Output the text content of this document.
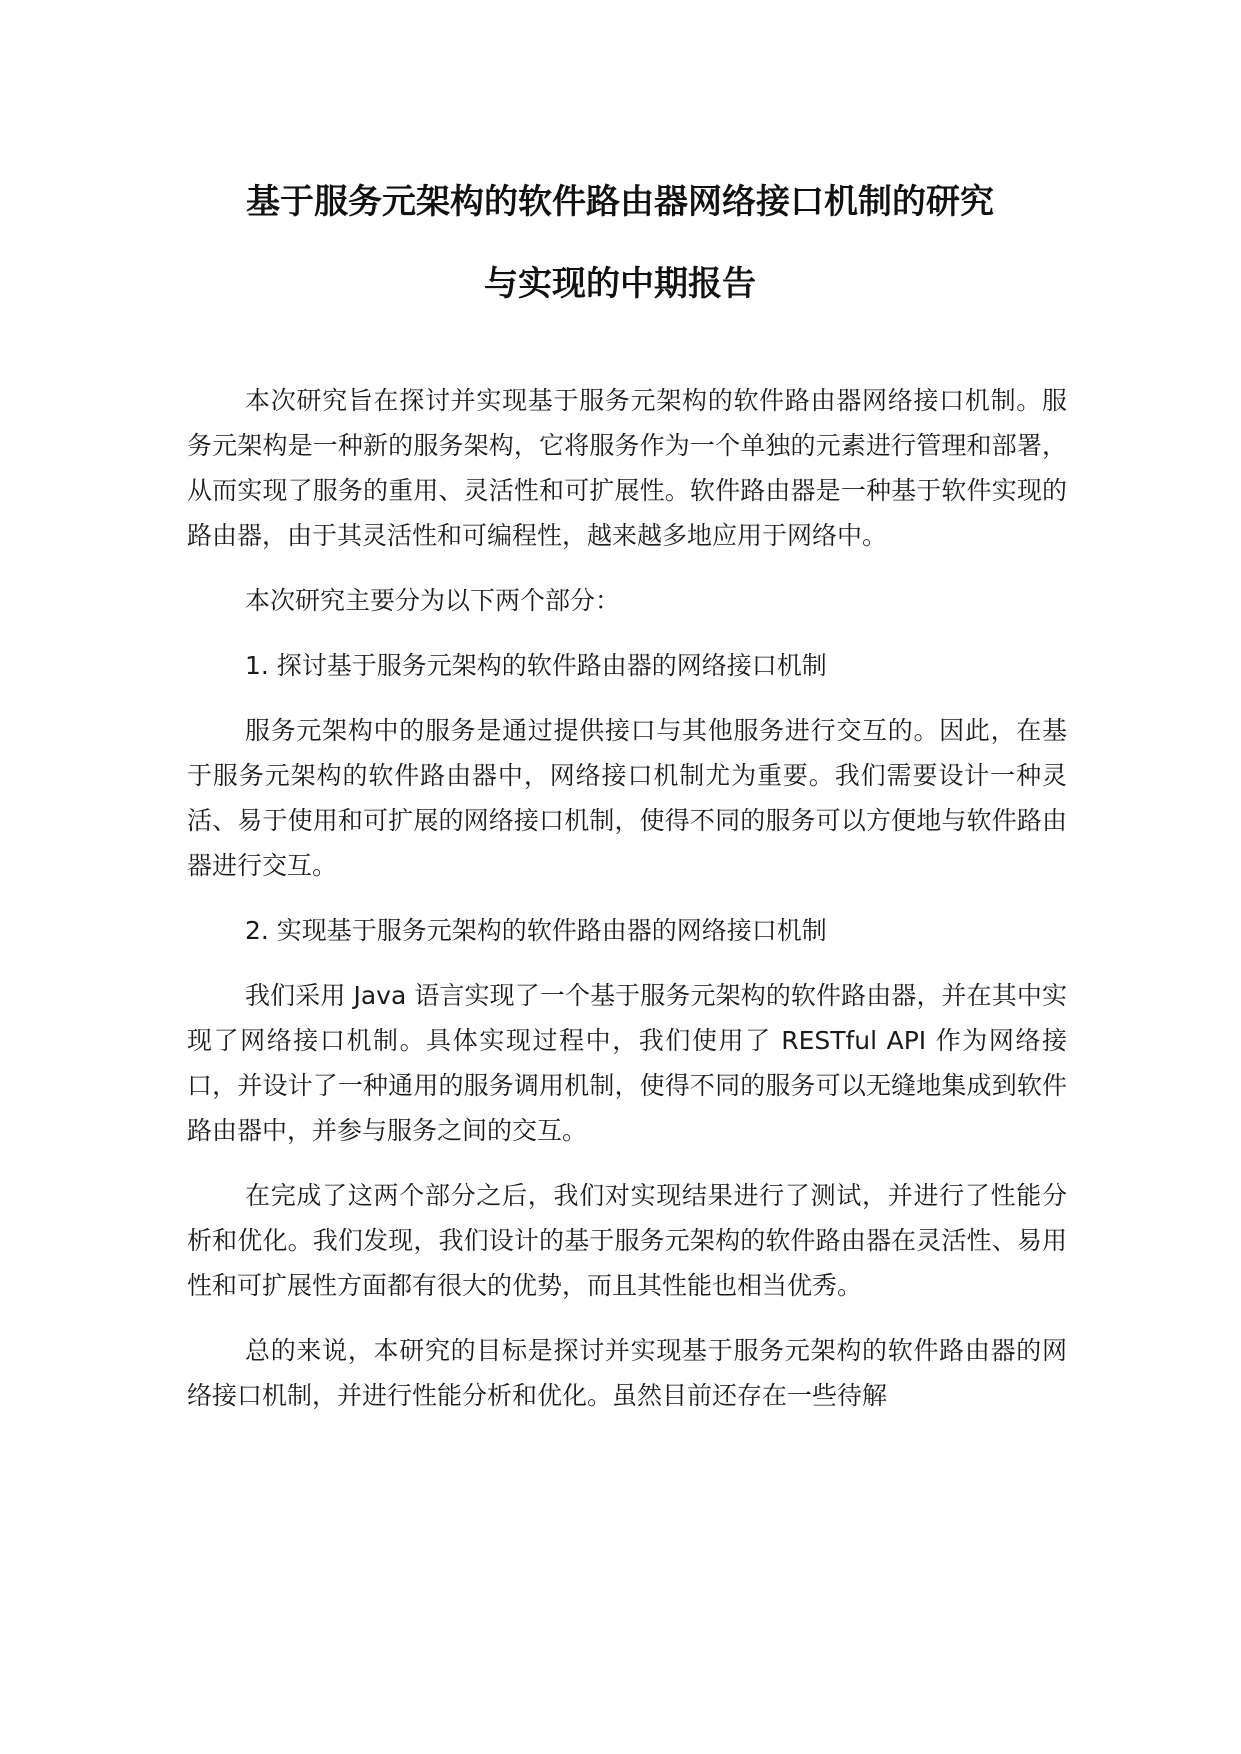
基于服务元架构的软件路由器网络接口机制的研究
与实现的中期报告

本次研究旨在探讨并实现基于服务元架构的软件路由器网络接口机制。服务元架构是一种新的服务架构，它将服务作为一个单独的元素进行管理和部署，从而实现了服务的重用、灵活性和可扩展性。软件路由器是一种基于软件实现的路由器，由于其灵活性和可编程性，越来越多地应用于网络中。

本次研究主要分为以下两个部分：

1. 探讨基于服务元架构的软件路由器的网络接口机制

服务元架构中的服务是通过提供接口与其他服务进行交互的。因此，在基于服务元架构的软件路由器中，网络接口机制尤为重要。我们需要设计一种灵活、易于使用和可扩展的网络接口机制，使得不同的服务可以方便地与软件路由器进行交互。

2. 实现基于服务元架构的软件路由器的网络接口机制

我们采用 Java 语言实现了一个基于服务元架构的软件路由器，并在其中实现了网络接口机制。具体实现过程中，我们使用了 RESTful API 作为网络接口，并设计了一种通用的服务调用机制，使得不同的服务可以无缝地集成到软件路由器中，并参与服务之间的交互。

在完成了这两个部分之后，我们对实现结果进行了测试，并进行了性能分析和优化。我们发现，我们设计的基于服务元架构的软件路由器在灵活性、易用性和可扩展性方面都有很大的优势，而且其性能也相当优秀。

总的来说，本研究的目标是探讨并实现基于服务元架构的软件路由器的网络接口机制，并进行性能分析和优化。虽然目前还存在一些待解
